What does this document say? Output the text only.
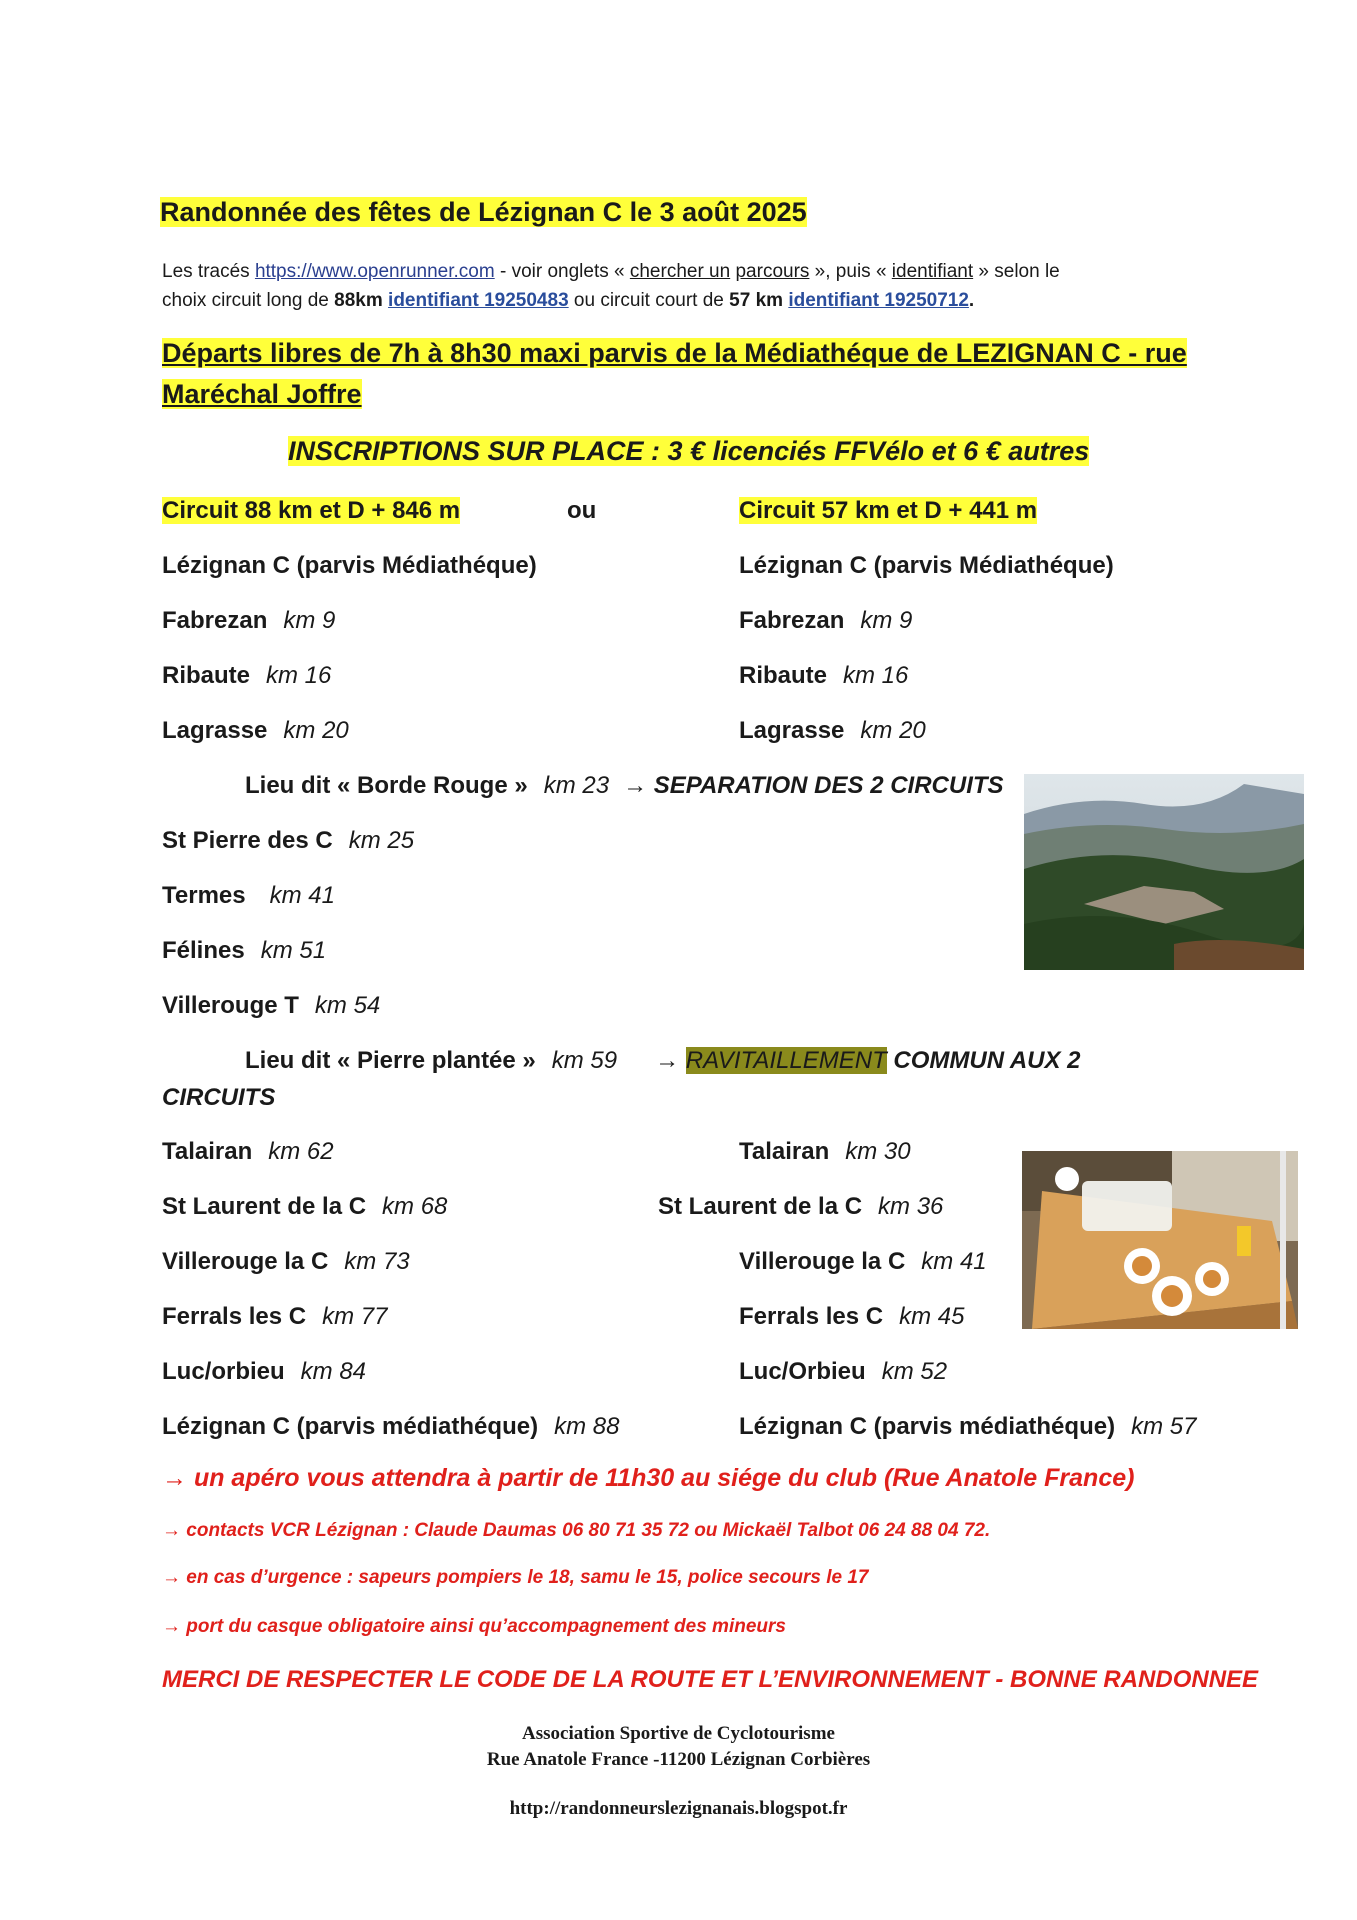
Randonnée des fêtes de Lézignan C le 3 août 2025
Les tracés https://www.openrunner.com - voir onglets « chercher un parcours », puis « identifiant » selon le
choix circuit long de 88km identifiant 19250483 ou circuit court de 57 km identifiant 19250712.
Départs libres de 7h à 8h30 maxi parvis de la Médiathéque de LEZIGNAN C - rue
Maréchal Joffre
INSCRIPTIONS SUR PLACE : 3 € licenciés FFVélo et 6 € autres
Circuit 88 km et D + 846 m	ou	Circuit 57 km et D + 441 m
Lézignan C (parvis Médiathéque)
Fabrezan km 9
Ribaute km 16
Lagrasse km 20
Lézignan C (parvis Médiathéque)
Fabrezan km 9
Ribaute km 16
Lagrasse km 20
Lieu dit « Borde Rouge » km 23 → SEPARATION DES 2 CIRCUITS
St Pierre des C km 25
Termes km 41
Félines km 51
Villerouge T km 54
Lieu dit « Pierre plantée » km 59 → RAVITAILLEMENT COMMUN AUX 2
CIRCUITS
Talairan km 62
St Laurent de la C km 68
Villerouge la C km 73
Ferrals les C km 77
Luc/orbieu km 84
Lézignan C (parvis médiathéque) km 88
Talairan km 30
St Laurent de la C km 36
Villerouge la C km 41
Ferrals les C km 45
Luc/Orbieu km 52
Lézignan C (parvis médiathéque) km 57
→ un apéro vous attendra à partir de 11h30 au siége du club (Rue Anatole France)
→ contacts VCR Lézignan : Claude Daumas 06 80 71 35 72 ou Mickaël Talbot 06 24 88 04 72.
→ en cas d’urgence : sapeurs pompiers le 18, samu le 15, police secours le 17
→ port du casque obligatoire ainsi qu’accompagnement des mineurs
MERCI DE RESPECTER LE CODE DE LA ROUTE ET L’ENVIRONNEMENT - BONNE RANDONNEE
Association Sportive de Cyclotourisme
Rue Anatole France -11200 Lézignan Corbières
http://randonneurslezignanais.blogspot.fr
